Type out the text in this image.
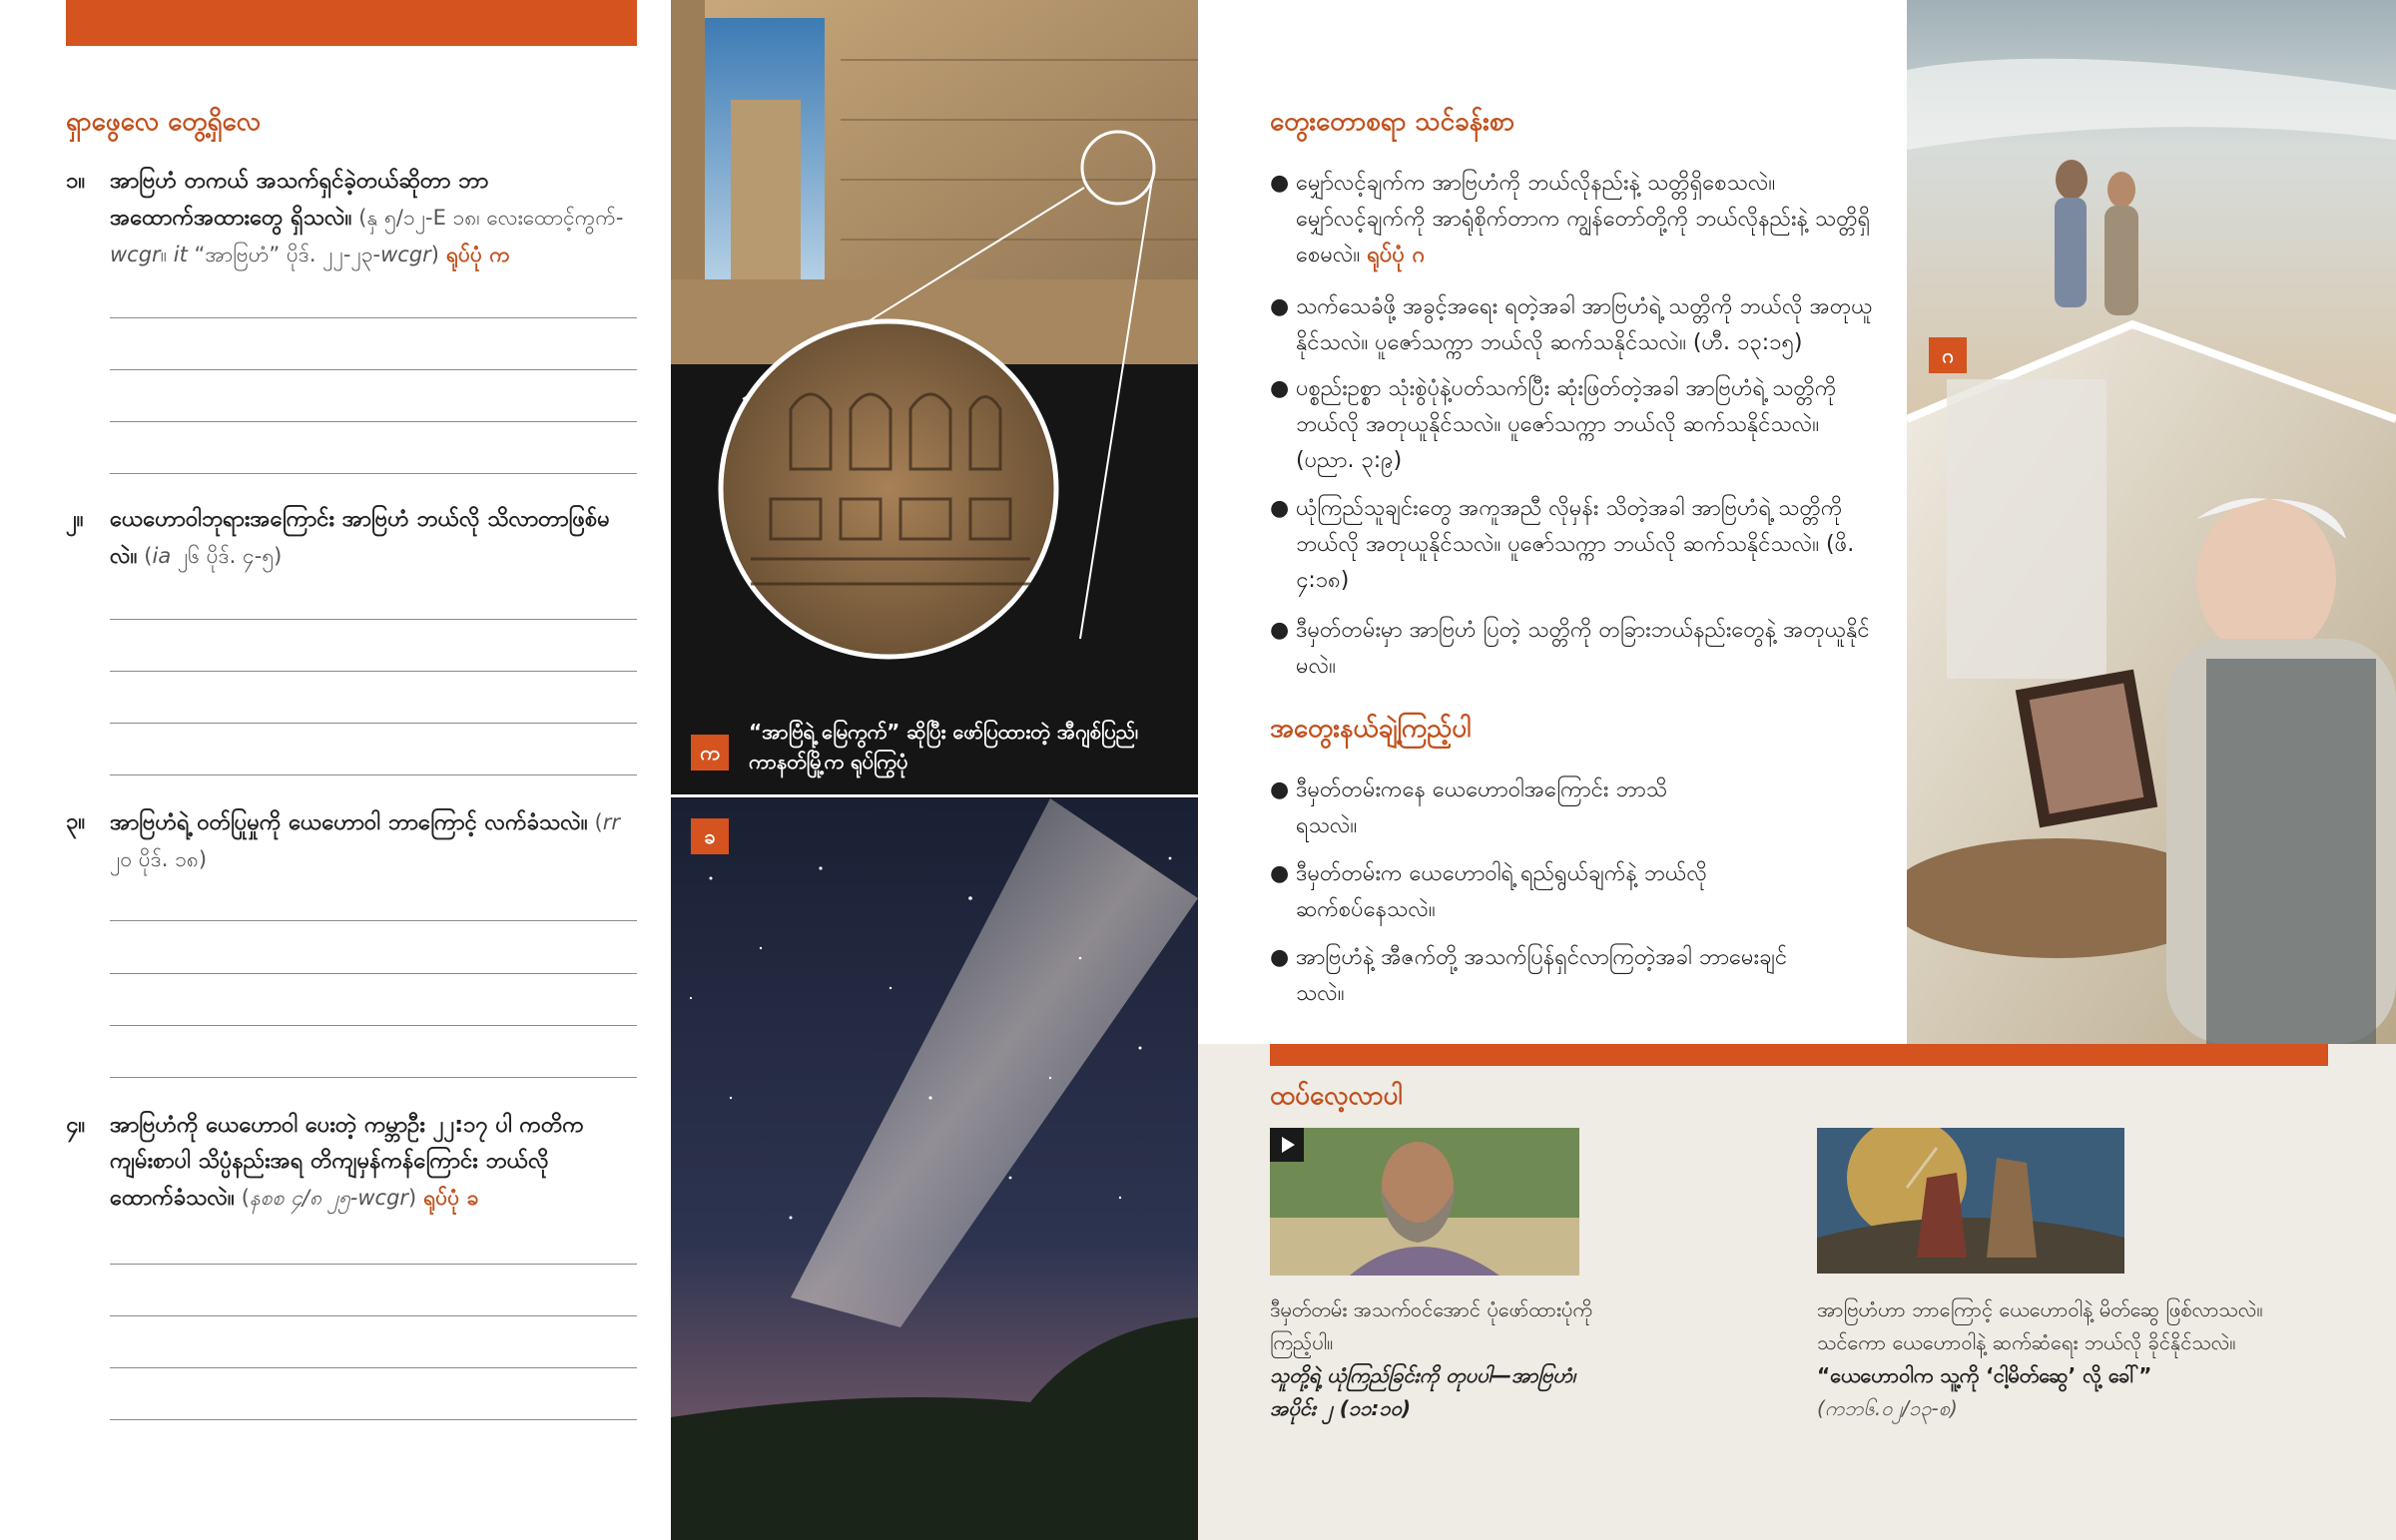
ရှာဖွေလေ တွေ့ရှိလေ
၁။ အာဗြဟံ တကယ် အသက်ရှင်ခဲ့တယ်ဆိုတာ ဘာအထောက်အထားတွေ ရှိသလဲ။ (နှ ၅/၁၂-E ၁၈၊ လေးထောင့်ကွက်-wcgr။ it “အာဗြဟံ” ပိုဒ်. ၂၂-၂၃-wcgr) ရုပ်ပုံ က
၂။ ယေဟောဝါဘုရားအကြောင်း အာဗြဟံ ဘယ်လို သိလာတာဖြစ်မလဲ။ (ia ၂၆ ပိုဒ်. ၄-၅)
၃။ အာဗြဟံရဲ့ ဝတ်ပြုမှုကို ယေဟောဝါ ဘာကြောင့် လက်ခံသလဲ။ (rr ၂၀ ပိုဒ်. ၁၈)
၄။ အာဗြဟံကို ယေဟောဝါ ပေးတဲ့ ကမ္ဘာဦး ၂၂:၁၇ ပါ ကတိက ကျမ်းစာပါ သိပ္ပံနည်းအရ တိကျမှန်ကန်ကြောင်း ဘယ်လို ထောက်ခံသလဲ။ (နစစ ၄/၈ ၂၅-wcgr) ရုပ်ပုံ ခ
က
“အာဗြံရဲ့ မြေကွက်” ဆိုပြီး ဖော်ပြထားတဲ့ အီဂျစ်ပြည်၊ ကာနတ်မြို့က ရုပ်ကြွပုံ
ခ
တွေးတောစရာ သင်ခန်းစာ
● မျှော်လင့်ချက်က အာဗြဟံကို ဘယ်လိုနည်းနဲ့ သတ္တိရှိစေသလဲ။ မျှော်လင့်ချက်ကို အာရုံစိုက်တာက ကျွန်တော်တို့ကို ဘယ်လိုနည်းနဲ့ သတ္တိရှိစေမလဲ။ ရုပ်ပုံ ဂ
● သက်သေခံဖို့ အခွင့်အရေး ရတဲ့အခါ အာဗြဟံရဲ့ သတ္တိကို ဘယ်လို အတုယူနိုင်သလဲ။ ပူဇော်သက္ကာ ဘယ်လို ဆက်သနိုင်သလဲ။ (ဟီ. ၁၃:၁၅)
● ပစ္စည်းဥစ္စာ သုံးစွဲပုံနဲ့ပတ်သက်ပြီး ဆုံးဖြတ်တဲ့အခါ အာဗြဟံရဲ့ သတ္တိကို ဘယ်လို အတုယူနိုင်သလဲ။ ပူဇော်သက္ကာ ဘယ်လို ဆက်သနိုင်သလဲ။ (ပညာ. ၃:၉)
● ယုံကြည်သူချင်းတွေ အကူအညီ လိုမှန်း သိတဲ့အခါ အာဗြဟံရဲ့ သတ္တိကို ဘယ်လို အတုယူနိုင်သလဲ။ ပူဇော်သက္ကာ ဘယ်လို ဆက်သနိုင်သလဲ။ (ဖိ. ၄:၁၈)
● ဒီမှတ်တမ်းမှာ အာဗြဟံ ပြတဲ့ သတ္တိကို တခြားဘယ်နည်းတွေနဲ့ အတုယူနိုင်မလဲ။
အတွေးနယ်ချဲ့ကြည့်ပါ
● ဒီမှတ်တမ်းကနေ ယေဟောဝါအကြောင်း ဘာသိရသလဲ။
● ဒီမှတ်တမ်းက ယေဟောဝါရဲ့ ရည်ရွယ်ချက်နဲ့ ဘယ်လို ဆက်စပ်နေသလဲ။
● အာဗြဟံနဲ့ အီဇက်တို့ အသက်ပြန်ရှင်လာကြတဲ့အခါ ဘာမေးချင်သလဲ။
ဂ
ထပ်လေ့လာပါ
ဒီမှတ်တမ်း အသက်ဝင်အောင် ပုံဖော်ထားပုံကို ကြည့်ပါ။
သူတို့ရဲ့ ယုံကြည်ခြင်းကို တုပပါ—အာဗြဟံ၊ အပိုင်း ၂ (၁၁:၁၀)
အာဗြဟံဟာ ဘာကြောင့် ယေဟောဝါနဲ့ မိတ်ဆွေ ဖြစ်လာသလဲ။ သင်ကော ယေဟောဝါနဲ့ ဆက်ဆံရေး ဘယ်လို ခိုင်နိုင်သလဲ။
“ယေဟောဝါက သူ့ကို ‘ငါ့မိတ်ဆွေ’ လို့ ခေါ်”
(ကဘ၆.၀၂/၁၃-စ)
